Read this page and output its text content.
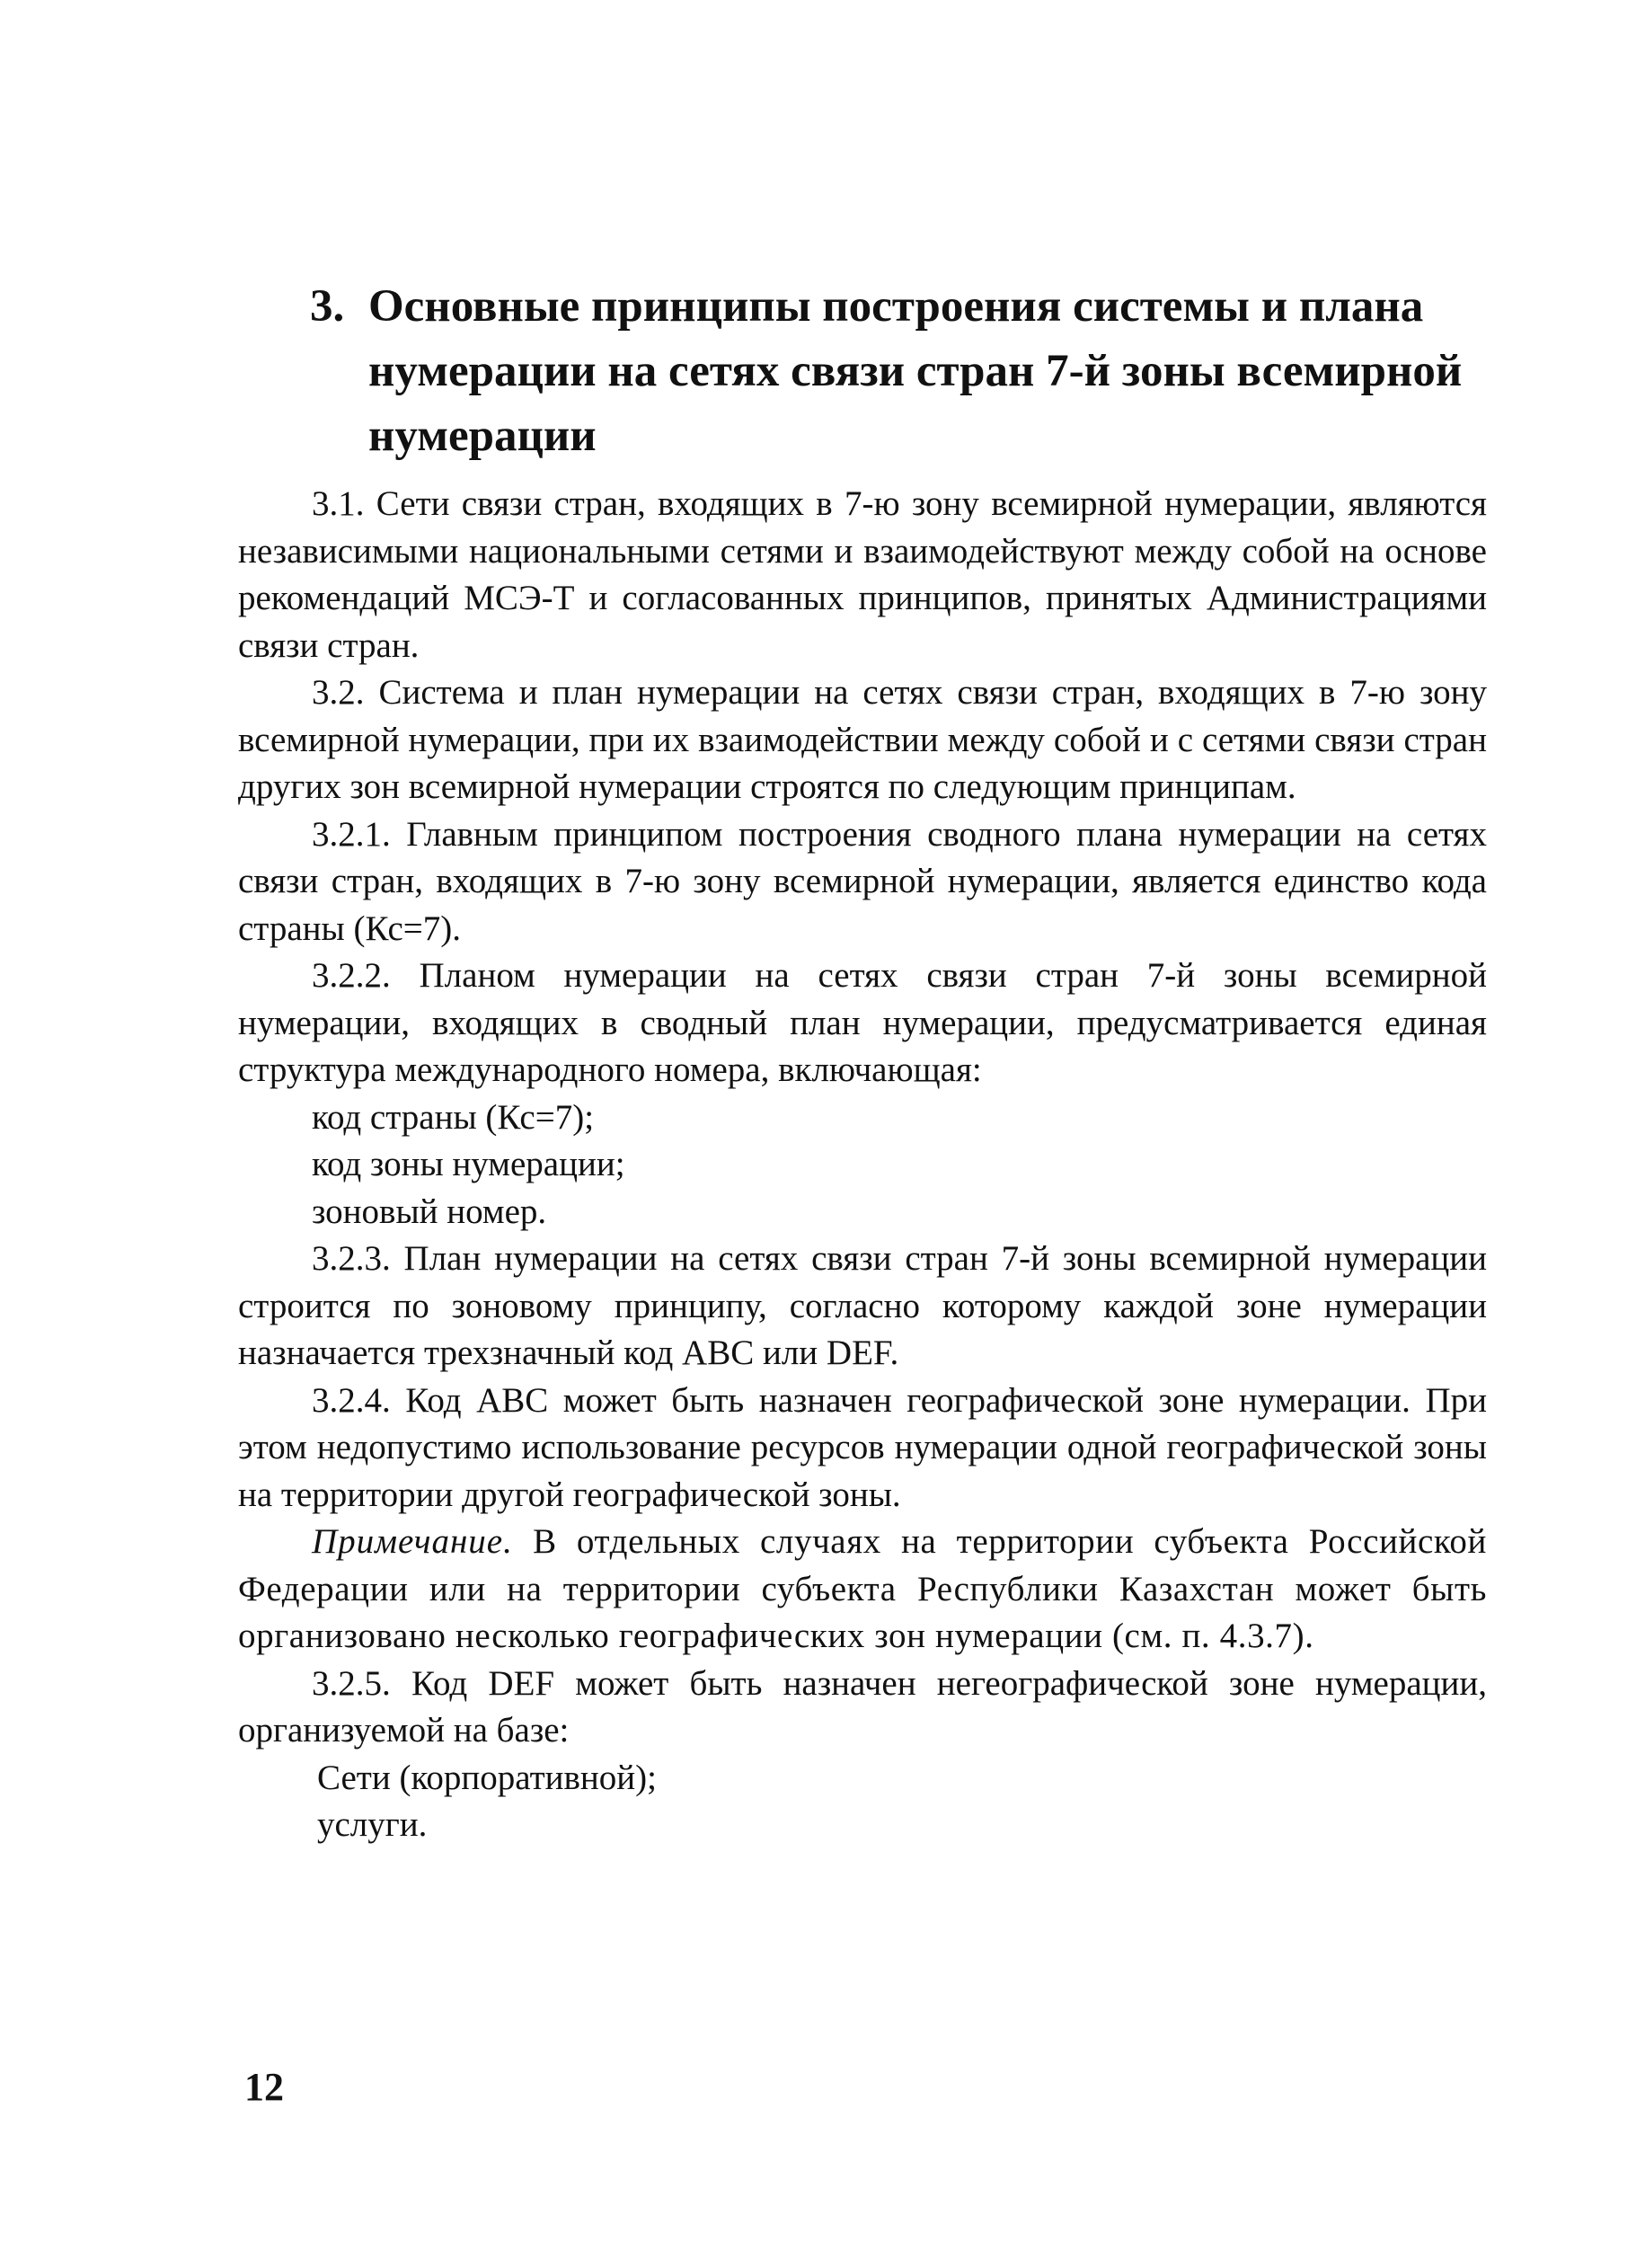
3. Основные принципы построения системы и плана нумерации на сетях связи стран 7-й зоны всемирной нумерации

3.1. Сети связи стран, входящих в 7-ю зону всемирной нумерации, являются независимыми национальными сетями и взаимодействуют между собой на основе рекомендаций МСЭ-Т и согласованных принципов, принятых Администрациями связи стран.

3.2. Система и план нумерации на сетях связи стран, входящих в 7-ю зону всемирной нумерации, при их взаимодействии между собой и с сетями связи стран других зон всемирной нумерации строятся по следующим принципам.

3.2.1. Главным принципом построения сводного плана нумерации на сетях связи стран, входящих в 7-ю зону всемирной нумерации, является единство кода страны (Кс=7).

3.2.2. Планом нумерации на сетях связи стран 7-й зоны всемирной нумерации, входящих в сводный план нумерации, предусматривается единая структура международного номера, включающая:

код страны (Кс=7);

код зоны нумерации;

зоновый номер.

3.2.3. План нумерации на сетях связи стран 7-й зоны всемирной нумерации строится по зоновому принципу, согласно которому каждой зоне нумерации назначается трехзначный код ABC или DEF.

3.2.4. Код ABC может быть назначен географической зоне нумерации. При этом недопустимо использование ресурсов нумерации одной географической зоны на территории другой географической зоны.

Примечание. В отдельных случаях на территории субъекта Российской Федерации или на территории субъекта Республики Казахстан может быть организовано несколько географических зон нумерации (см. п. 4.3.7).

3.2.5. Код DEF может быть назначен негеографической зоне нумерации, организуемой на базе:

Сети (корпоративной);

услуги.

12
